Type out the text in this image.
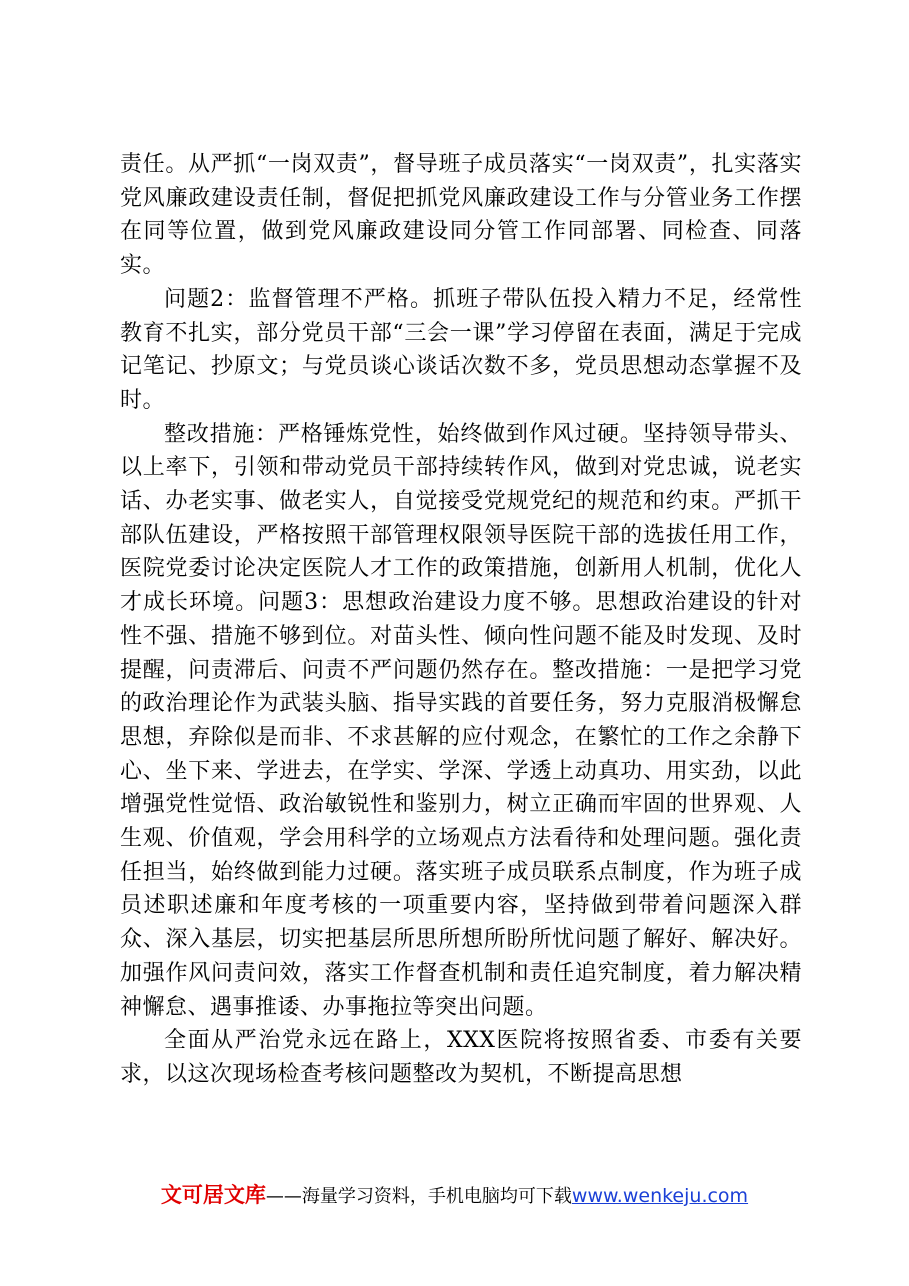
责任。从严抓“一岗双责”，督导班子成员落实“一岗双责”，扎实落实党风廉政建设责任制，督促把抓党风廉政建设工作与分管业务工作摆在同等位置，做到党风廉政建设同分管工作同部署、同检查、同落实。

问题2：监督管理不严格。抓班子带队伍投入精力不足，经常性教育不扎实，部分党员干部“三会一课”学习停留在表面，满足于完成记笔记、抄原文；与党员谈心谈话次数不多，党员思想动态掌握不及时。

整改措施：严格锤炼党性，始终做到作风过硬。坚持领导带头、以上率下，引领和带动党员干部持续转作风，做到对党忠诚，说老实话、办老实事、做老实人，自觉接受党规党纪的规范和约束。严抓干部队伍建设，严格按照干部管理权限领导医院干部的选拔任用工作，医院党委讨论决定医院人才工作的政策措施，创新用人机制，优化人才成长环境。问题3：思想政治建设力度不够。思想政治建设的针对性不强、措施不够到位。对苗头性、倾向性问题不能及时发现、及时提醒，问责滞后、问责不严问题仍然存在。整改措施：一是把学习党的政治理论作为武装头脑、指导实践的首要任务，努力克服消极懈怠思想，弃除似是而非、不求甚解的应付观念，在繁忙的工作之余静下心、坐下来、学进去，在学实、学深、学透上动真功、用实劲，以此增强党性觉悟、政治敏锐性和鉴别力，树立正确而牢固的世界观、人生观、价值观，学会用科学的立场观点方法看待和处理问题。强化责任担当，始终做到能力过硬。落实班子成员联系点制度，作为班子成员述职述廉和年度考核的一项重要内容，坚持做到带着问题深入群众、深入基层，切实把基层所思所想所盼所忧问题了解好、解决好。加强作风问责问效，落实工作督查机制和责任追究制度，着力解决精神懈怠、遇事推诿、办事拖拉等突出问题。

全面从严治党永远在路上，XXX医院将按照省委、市委有关要求，以这次现场检查考核问题整改为契机，不断提高思想

文可居文库——海量学习资料，手机电脑均可下载www.wenkeju.com
